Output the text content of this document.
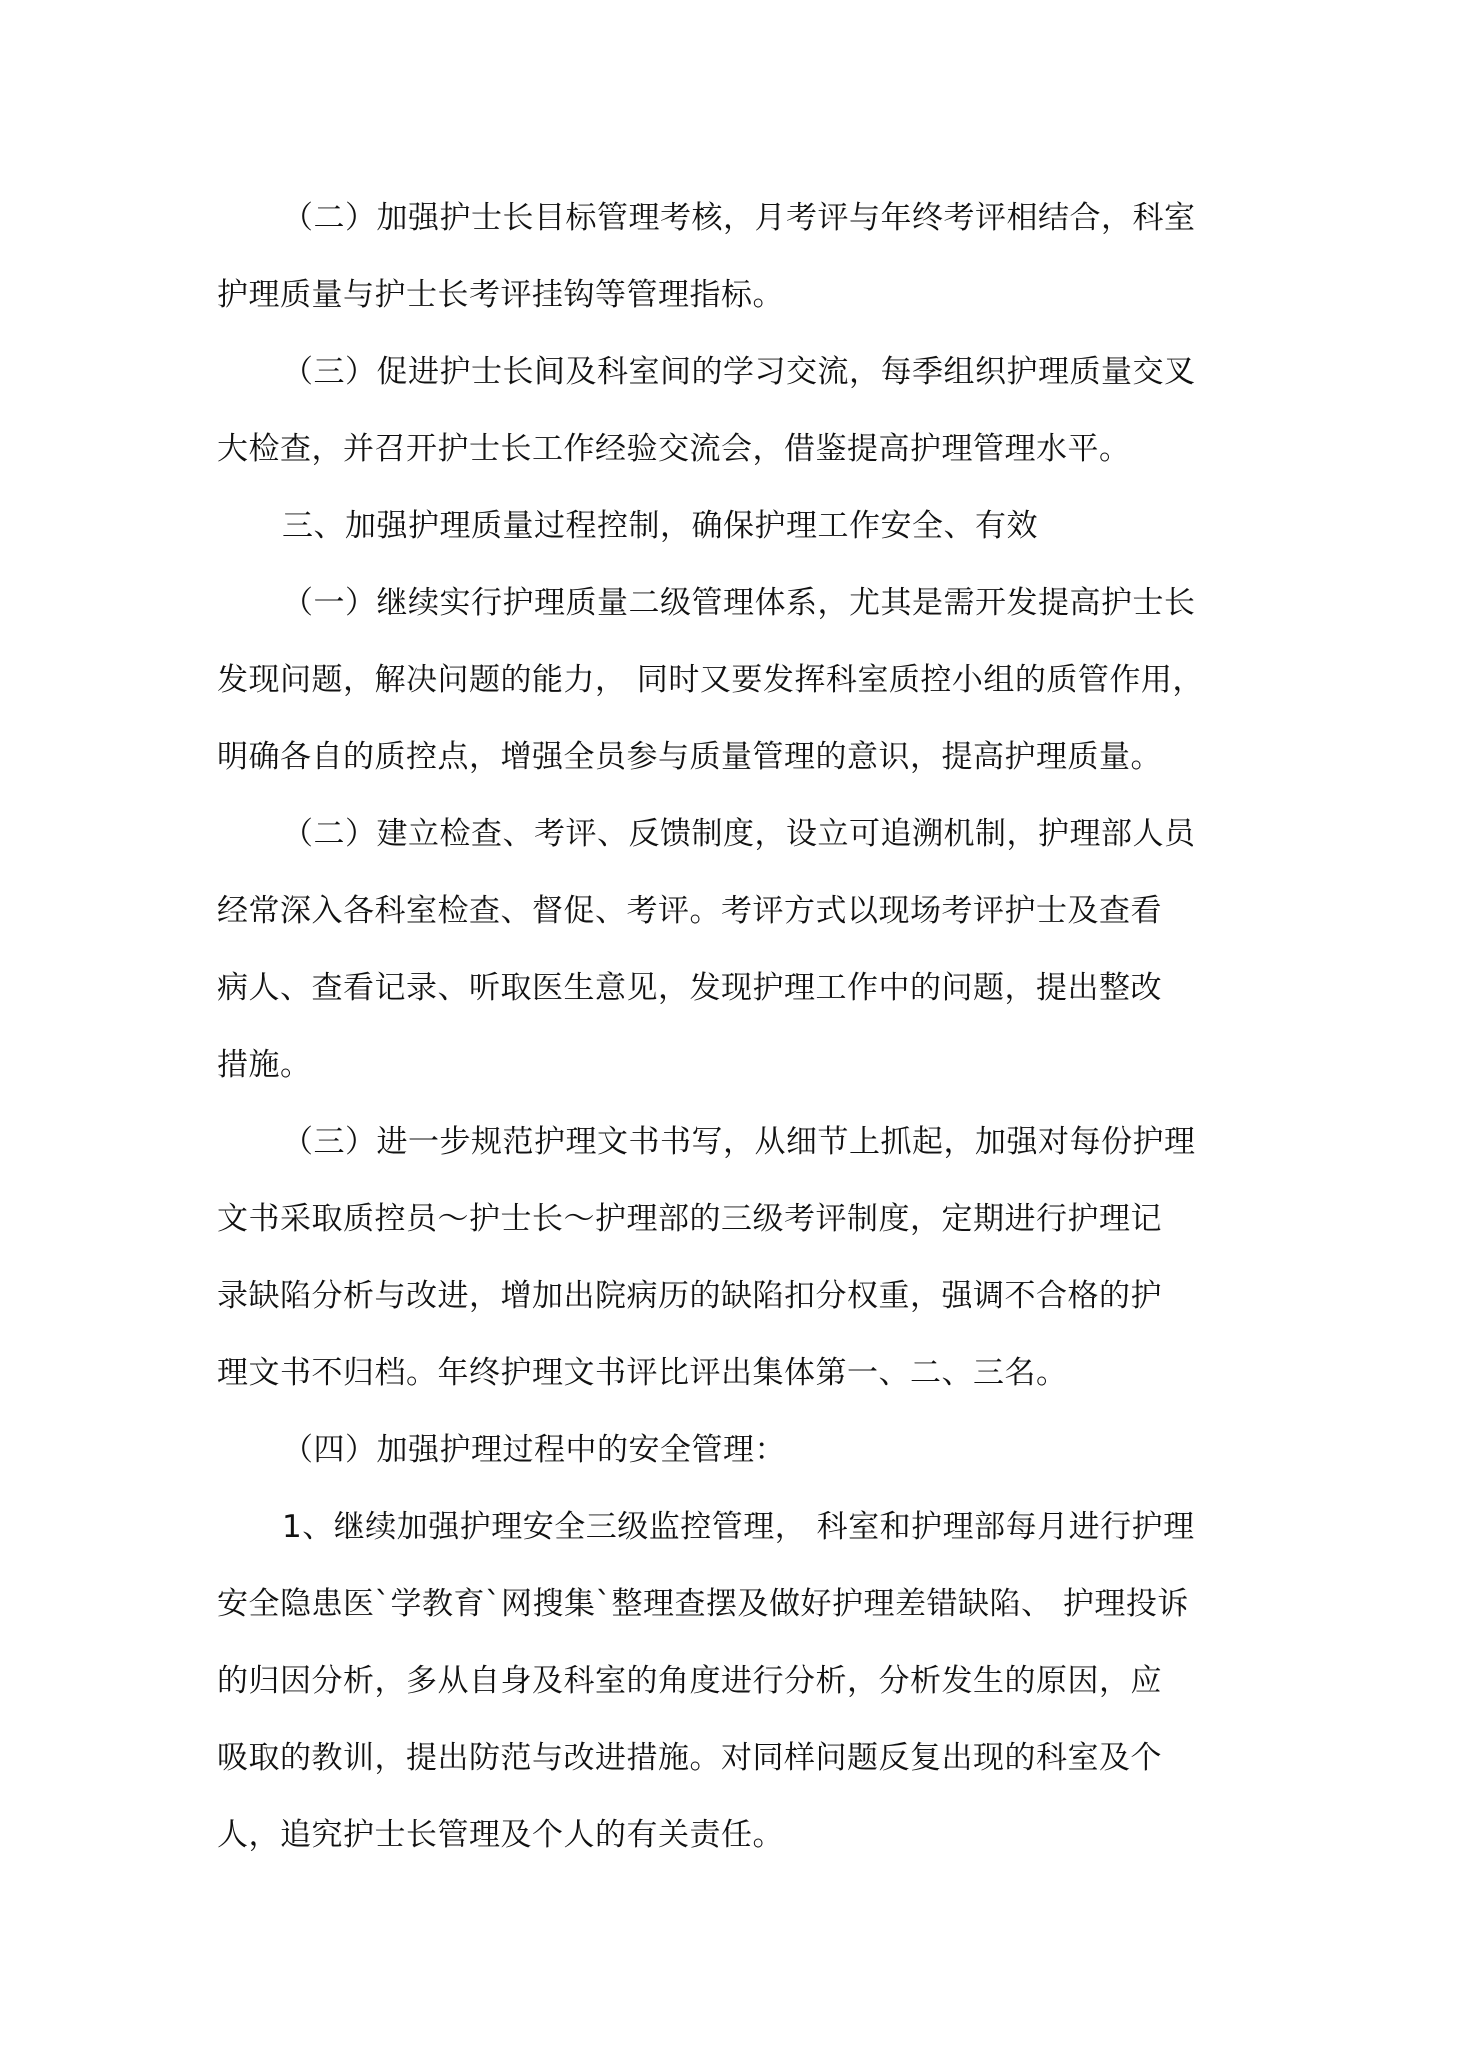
（二）加强护士长目标管理考核，月考评与年终考评相结合，科室
护理质量与护士长考评挂钩等管理指标。
（三）促进护士长间及科室间的学习交流，每季组织护理质量交叉
大检查，并召开护士长工作经验交流会，借鉴提高护理管理水平。
三、加强护理质量过程控制，确保护理工作安全、有效
（一）继续实行护理质量二级管理体系，尤其是需开发提高护士长
发现问题，解决问题的能力， 同时又要发挥科室质控小组的质管作用，
明确各自的质控点，增强全员参与质量管理的意识，提高护理质量。
（二）建立检查、考评、反馈制度，设立可追溯机制，护理部人员
经常深入各科室检查、督促、考评。考评方式以现场考评护士及查看
病人、查看记录、听取医生意见，发现护理工作中的问题，提出整改
措施。
（三）进一步规范护理文书书写，从细节上抓起，加强对每份护理
文书采取质控员～护士长～护理部的三级考评制度，定期进行护理记
录缺陷分析与改进，增加出院病历的缺陷扣分权重，强调不合格的护
理文书不归档。年终护理文书评比评出集体第一、二、三名。
（四）加强护理过程中的安全管理：
1、继续加强护理安全三级监控管理， 科室和护理部每月进行护理
安全隐患医`学教育`网搜集`整理查摆及做好护理差错缺陷、 护理投诉
的归因分析，多从自身及科室的角度进行分析，分析发生的原因，应
吸取的教训，提出防范与改进措施。对同样问题反复出现的科室及个
人，追究护士长管理及个人的有关责任。
